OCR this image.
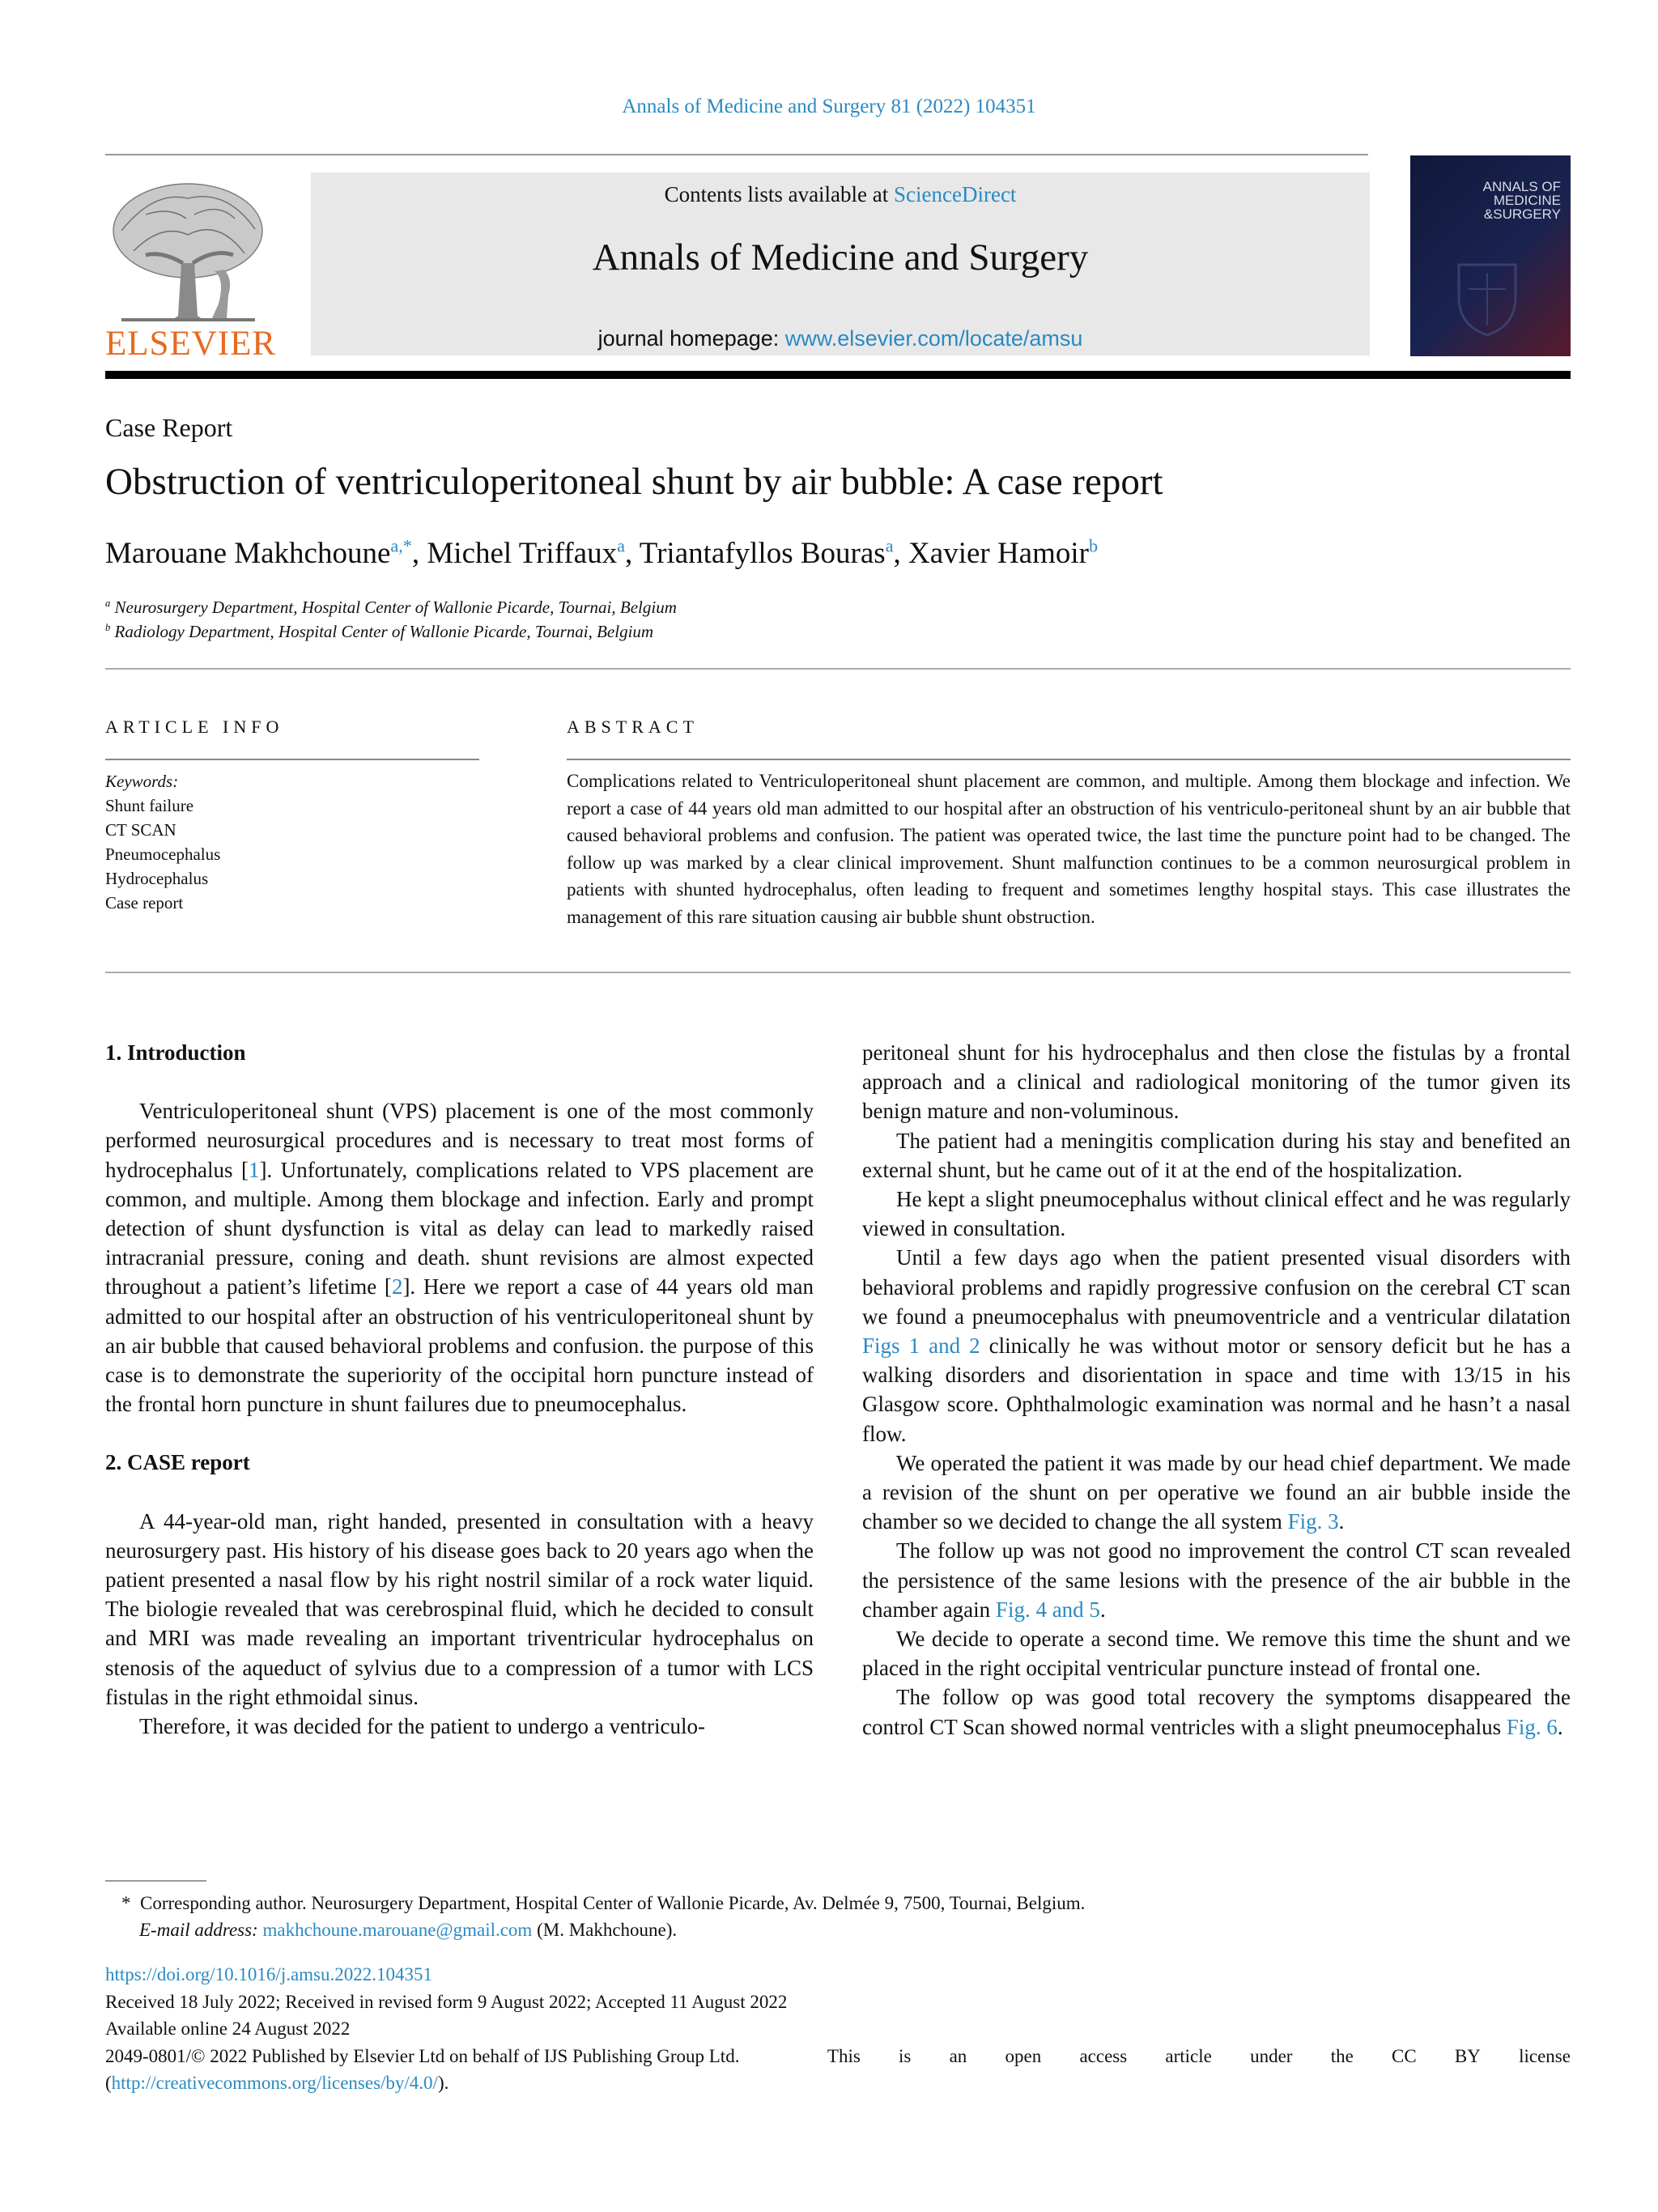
Annals of Medicine and Surgery 81 (2022) 104351
ELSEVIER
Contents lists available at ScienceDirect
Annals of Medicine and Surgery
journal homepage: www.elsevier.com/locate/amsu
ANNALS OF
MEDICINE
&SURGERY
Case Report
Obstruction of ventriculoperitoneal shunt by air bubble: A case report
Marouane Makhchoune$^{a,*}$, Michel Triffaux$^a$, Triantafyllos Bouras$^a$, Xavier Hamoir$^b$
$^a$ Neurosurgery Department, Hospital Center of Wallonie Picarde, Tournai, Belgium
$^b$ Radiology Department, Hospital Center of Wallonie Picarde, Tournai, Belgium
ARTICLE INFO	ABSTRACT
Keywords:
Shunt failure
CT SCAN
Pneumocephalus
Hydrocephalus
Case report
Complications related to Ventriculoperitoneal shunt placement are common, and multiple. Among them blockage and infection. We report a case of 44 years old man admitted to our hospital after an obstruction of his ventriculo-peritoneal shunt by an air bubble that caused behavioral problems and confusion. The patient was operated twice, the last time the puncture point had to be changed. The follow up was marked by a clear clinical improvement. Shunt malfunction continues to be a common neurosurgical problem in patients with shunted hydrocephalus, often leading to frequent and sometimes lengthy hospital stays. This case illustrates the management of this rare situation causing air bubble shunt obstruction.
1. Introduction

Ventriculoperitoneal shunt (VPS) placement is one of the most commonly performed neurosurgical procedures and is necessary to treat most forms of hydrocephalus [1]. Unfortunately, complications related to VPS placement are common, and multiple. Among them blockage and infection. Early and prompt detection of shunt dysfunction is vital as delay can lead to markedly raised intracranial pressure, coning and death. shunt revisions are almost expected throughout a patient’s lifetime [2]. Here we report a case of 44 years old man admitted to our hospital after an obstruction of his ventriculoperitoneal shunt by an air bubble that caused behavioral problems and confusion. the purpose of this case is to demonstrate the superiority of the occipital horn puncture instead of the frontal horn puncture in shunt failures due to pneumocephalus.

2. CASE report

A 44-year-old man, right handed, presented in consultation with a heavy neurosurgery past. His history of his disease goes back to 20 years ago when the patient presented a nasal flow by his right nostril similar of a rock water liquid. The biologie revealed that was cerebrospinal fluid, which he decided to consult and MRI was made revealing an important triventricular hydrocephalus on stenosis of the aqueduct of sylvius due to a compression of a tumor with LCS fistulas in the right ethmoidal sinus.

Therefore, it was decided for the patient to undergo a ventriculo-

peritoneal shunt for his hydrocephalus and then close the fistulas by a frontal approach and a clinical and radiological monitoring of the tumor given its benign mature and non-voluminous.

The patient had a meningitis complication during his stay and benefited an external shunt, but he came out of it at the end of the hospitalization.

He kept a slight pneumocephalus without clinical effect and he was regularly viewed in consultation.

Until a few days ago when the patient presented visual disorders with behavioral problems and rapidly progressive confusion on the cerebral CT scan we found a pneumocephalus with pneumoventricle and a ventricular dilatation Figs 1 and 2 clinically he was without motor or sensory deficit but he has a walking disorders and disorientation in space and time with 13/15 in his Glasgow score. Ophthalmologic examination was normal and he hasn’t a nasal flow.

We operated the patient it was made by our head chief department. We made a revision of the shunt on per operative we found an air bubble inside the chamber so we decided to change the all system Fig. 3.

The follow up was not good no improvement the control CT scan revealed the persistence of the same lesions with the presence of the air bubble in the chamber again Fig. 4 and 5.

We decide to operate a second time. We remove this time the shunt and we placed in the right occipital ventricular puncture instead of frontal one.

The follow op was good total recovery the symptoms disappeared the control CT Scan showed normal ventricles with a slight pneumocephalus Fig. 6.

* Corresponding author. Neurosurgery Department, Hospital Center of Wallonie Picarde, Av. Delmée 9, 7500, Tournai, Belgium.
E-mail address: makhchoune.marouane@gmail.com (M. Makhchoune).
https://doi.org/10.1016/j.amsu.2022.104351
Received 18 July 2022; Received in revised form 9 August 2022; Accepted 11 August 2022
Available online 24 August 2022
2049-0801/© 2022 Published by Elsevier Ltd on behalf of IJS Publishing Group Ltd.	This is an open access article under the CC BY license
(http://creativecommons.org/licenses/by/4.0/).
